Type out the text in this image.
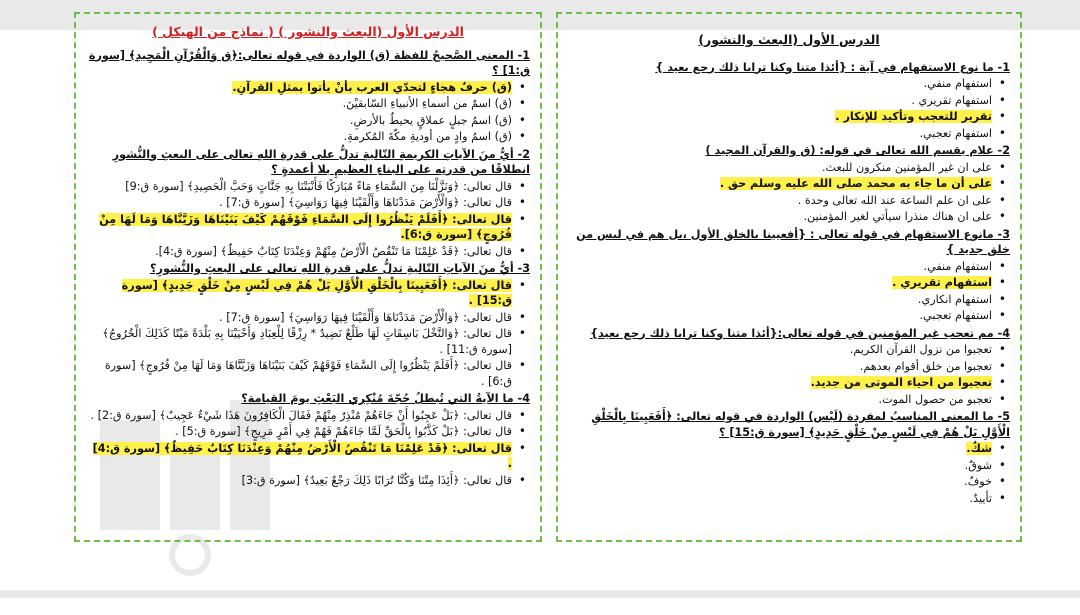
الدرس الأول (البعث والنشور)
1- ما نوع الاستفهام في آية : {أئذا متنا وكنا ترابا ذلك رجع بعيد }
• استفهام منفي.
• استفهام تقريري .
• تقرير للتعجب وتأكيد للإنكار .
• استفهام تعجبي.
2- علام يقسم الله تعالى في قوله: (ق والقرآن المجيد )
• على ان غير المؤمنين منكرون للبعث.
• على أن ما جاء به محمد صلى الله عليه وسلم حق .
• على ان علم الساعة عند الله تعالى وحدة .
• على ان هناك منذرا سيأتي لغير المؤمنين.
3- مانوع الاستفهام في قوله تعالى : {أفعيينا بالخلق الأول ،بل هم في لبس من خلق جديد }
• استفهام منفي.
• استفهام تقريري .
• استفهام انكاري.
• استفهام تعجبي.
4- مم تعجب غير المؤمنين في قوله تعالى:{أئذا متنا وكنا ترابا ذلك رجع بعيد}
• تعجبوا من نزول القرآن الكريم.
• تعجبوا من خلق أقوام بعدهم.
• تعجبوا من احياء الموتى من جديد.
• تعجبو من حصول الموت.
5- ما المعنى المناسبُ لمفردة (لَبْس) الواردة في قوله تعالى: ﴿أَفَعَيِينَا بِالْخَلْقِ الْأَوَّلِ بَلْ هُمْ فِي لَبْسٍ مِنْ خَلْقٍ جَدِيدٍ﴾ [سورة ق:15] ؟
• شكٌ.
• شوقٌ.
• خوفٌ.
• تأييدٌ.
الدرس الأول (البعث والنشور ) ( نماذج من الهيكل )
1- المعنى الصَّحيحُ للفظة (ق) الواردة في قوله تعالى:﴿ق وَالْقُرْآنِ الْمَجِيدِ﴾ [سورة ق:1] ؟
• (ق) حرفٌ هجاءٍ لتحدّي العرب بأنْ يأتوا بمثلِ القرآنِ.
• (ق) اسمٌ من أسماءِ الأنبياءِ السّابقيْنَ.
• (ق) اسمُ جبلٍ عملاقٍ يحيطُ بالأرضِ.
• (ق) اسمُ وادٍ من أوديةِ مكّةَ المُكرمةِ.
2- أيُّ منَ الآياتِ الكريمةِ التّاليةِ تدلُّ على قدرةِ اللهِ تعالى على البعثِ والنُّشورِ انطلاقًا من قدرتِه على البناءِ العظيمِ بلا أعمدةٍ ؟
• قال تعالى: ﴿وَنَزَّلْنَا مِنَ السَّمَاءِ مَاءً مُبَارَكًا فَأَنْبَتْنَا بِهِ جَنَّاتٍ وَحَبَّ الْحَصِيدِ﴾ [سورة ق:9]
• قال تعالى: ﴿وَالْأَرْضَ مَدَدْنَاهَا وَأَلْقَيْنَا فِيهَا رَوَاسِيَ﴾ [سورة ق:7] .
• قال تعالى: ﴿أَفَلَمْ يَنْظُرُوا إِلَى السَّمَاءِ فَوْقَهُمْ كَيْفَ بَنَيْنَاهَا وَزَيَّنَّاهَا وَمَا لَهَا مِنْ فُرُوجٍ﴾ [سورة ق:6].
• قال تعالى: ﴿قَدْ عَلِمْنَا مَا تَنْقُصُ الْأَرْضُ مِنْهُمْ وَعِنْدَنَا كِتَابٌ حَفِيظٌ﴾ [سورة ق:4].
3- أيُّ منَ الآياتِ التّاليةِ تدلُّ على قدرةِ اللهِ تعالى على البعثِ والنُّشورِ؟
• قال تعالى: ﴿أَفَعَيِينَا بِالْخَلْقِ الْأَوَّلِ بَلْ هُمْ فِي لَبْسٍ مِنْ خَلْقٍ جَدِيدٍ﴾ [سورة ق:15] .
• قال تعالى: ﴿وَالْأَرْضَ مَدَدْنَاهَا وَأَلْقَيْنَا فِيهَا رَوَاسِيَ﴾ [سورة ق:7] .
• قال تعالى: ﴿وَالنَّخْلَ بَاسِقَاتٍ لَهَا طَلْعٌ نَضِيدٌ * رِزْقًا لِلْعِبَادِ وَأَحْيَيْنَا بِهِ بَلْدَةً مَيْتًا كَذَلِكَ الْخُرُوجُ﴾ [سورة ق:11] .
• قال تعالى: ﴿أَفَلَمْ يَنْظُرُوا إِلَى السَّمَاءِ فَوْقَهُمْ كَيْفَ بَنَيْنَاهَا وَزَيَّنَّاهَا وَمَا لَهَا مِنْ فُرُوجٍ﴾ [سورة ق:6] .
4- ما الآيةُ التي تُبطلُ حُجّةَ مُنْكِري البَعْثِ يومَ القيامة؟
• قال تعالى: ﴿بَلْ عَجِبُوا أَنْ جَاءَهُمْ مُنْذِرٌ مِنْهُمْ فَقَالَ الْكَافِرُونَ هَذَا شَيْءٌ عَجِيبٌ﴾ [سورة ق:2] .
• قال تعالى: ﴿بَلْ كَذَّبُوا بِالْحَقِّ لَمَّا جَاءَهُمْ فَهُمْ فِي أَمْرٍ مَرِيجٍ﴾ [سورة ق:5] .
• قال تعالى: ﴿قَدْ عَلِمْنَا مَا تَنْقُصُ الْأَرْضُ مِنْهُمْ وَعِنْدَنَا كِتَابٌ حَفِيظٌ﴾ [سورة ق:4] .
• قال تعالى: ﴿أَئِذَا مِتْنَا وَكُنَّا تُرَابًا ذَلِكَ رَجْعٌ بَعِيدٌ﴾ [سورة ق:3]
